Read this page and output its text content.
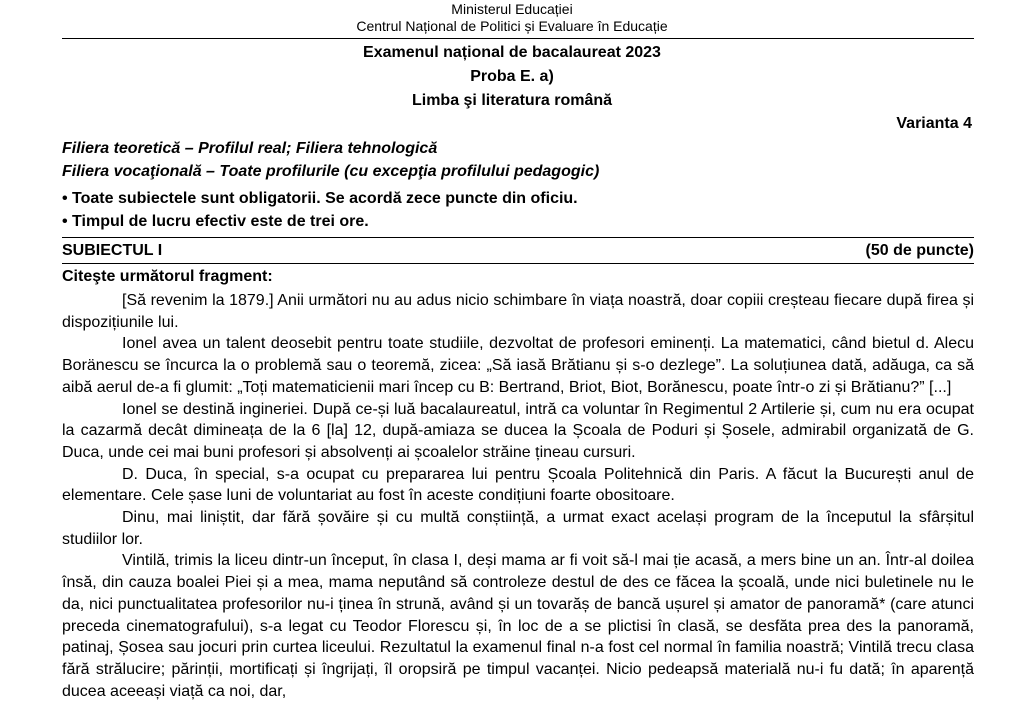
Ministerul Educației
Centrul Național de Politici și Evaluare în Educație
Examenul național de bacalaureat 2023
Proba E. a)
Limba şi literatura română
Varianta 4
Filiera teoretică – Profilul real; Filiera tehnologică
Filiera vocaţională – Toate profilurile (cu excepţia profilului pedagogic)
• Toate subiectele sunt obligatorii. Se acordă zece puncte din oficiu.
• Timpul de lucru efectiv este de trei ore.
SUBIECTUL I	(50 de puncte)
Citeşte următorul fragment:

[Să revenim la 1879.] Anii următori nu au adus nicio schimbare în viața noastră, doar copiii creșteau fiecare după firea și dispozițiunile lui.

Ionel avea un talent deosebit pentru toate studiile, dezvoltat de profesori eminenți. La matematici, când bietul d. Alecu Boränescu se încurca la o problemă sau o teoremă, zicea: „Să iasă Brătianu și s-o dezlege”. La soluțiunea dată, adăuga, ca să aibă aerul de-a fi glumit: „Toți matematicienii mari încep cu B: Bertrand, Briot, Biot, Borănescu, poate într-o zi și Brătianu?” [...]

Ionel se destină ingineriei. După ce-și luă bacalaureatul, intră ca voluntar în Regimentul 2 Artilerie și, cum nu era ocupat la cazarmă decât dimineața de la 6 [la] 12, după-amiaza se ducea la Școala de Poduri și Șosele, admirabil organizată de G. Duca, unde cei mai buni profesori și absolvenți ai școalelor străine țineau cursuri.

D. Duca, în special, s-a ocupat cu prepararea lui pentru Școala Politehnică din Paris. A făcut la București anul de elementare. Cele șase luni de voluntariat au fost în aceste condițiuni foarte obositoare.

Dinu, mai liniștit, dar fără șovăire și cu multă conștiință, a urmat exact același program de la începutul la sfârșitul studiilor lor.

Vintilă, trimis la liceu dintr-un început, în clasa I, deși mama ar fi voit să-l mai ție acasă, a mers bine un an. Într-al doilea însă, din cauza boalei Piei și a mea, mama neputând să controleze destul de des ce făcea la școală, unde nici buletinele nu le da, nici punctualitatea profesorilor nu-i ținea în strună, având și un tovarăș de bancă ușurel și amator de panoramă* (care atunci preceda cinematografului), s-a legat cu Teodor Florescu și, în loc de a se plictisi în clasă, se desfăta prea des la panoramă, patinaj, Șosea sau jocuri prin curtea liceului. Rezultatul la examenul final n-a fost cel normal în familia noastră; Vintilă trecu clasa fără strălucire; părinții, mortificați și îngrijați, îl oropsiră pe timpul vacanței. Nicio pedeapsă materială nu-i fu dată; în aparență ducea aceeași viață ca noi, dar,
